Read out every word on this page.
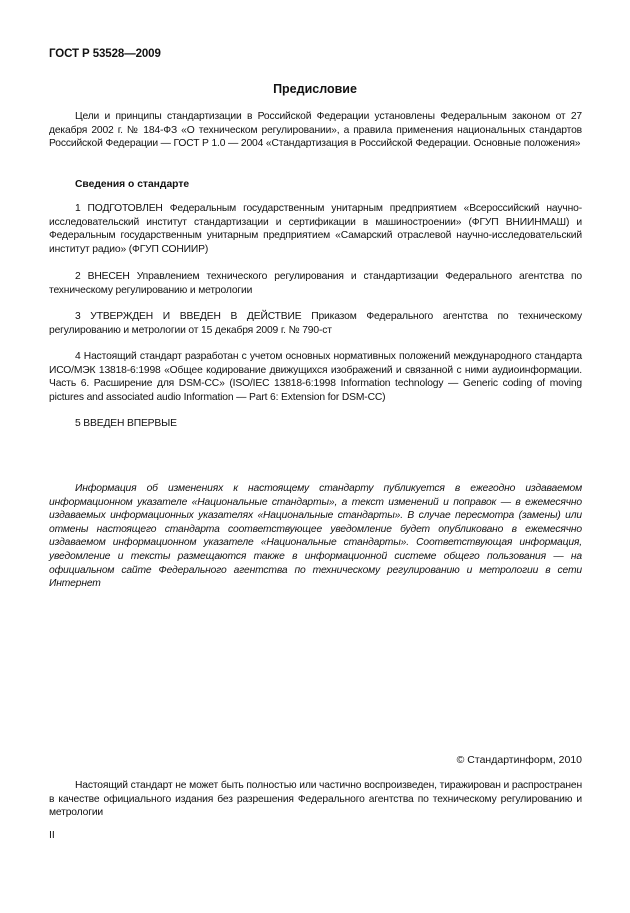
ГОСТ Р 53528—2009
Предисловие
Цели и принципы стандартизации в Российской Федерации установлены Федеральным законом от 27 декабря 2002 г. № 184-ФЗ «О техническом регулировании», а правила применения национальных стандартов Российской Федерации — ГОСТ Р 1.0 — 2004 «Стандартизация в Российской Федерации. Основные положения»
Сведения о стандарте
1 ПОДГОТОВЛЕН Федеральным государственным унитарным предприятием «Всероссийский научно-исследовательский институт стандартизации и сертификации в машиностроении» (ФГУП ВНИИНМАШ) и Федеральным государственным унитарным предприятием «Самарский отраслевой научно-исследовательский институт радио» (ФГУП СОНИИР)
2 ВНЕСЕН Управлением технического регулирования и стандартизации Федерального агентства по техническому регулированию и метрологии
3 УТВЕРЖДЕН И ВВЕДЕН В ДЕЙСТВИЕ Приказом Федерального агентства по техническому регулированию и метрологии от 15 декабря 2009 г. № 790-ст
4 Настоящий стандарт разработан с учетом основных нормативных положений международного стандарта ИСО/МЭК 13818-6:1998 «Общее кодирование движущихся изображений и связанной с ними аудиоинформации. Часть 6. Расширение для DSM-CC» (ISO/IEC 13818-6:1998 Information technology — Generic coding of moving pictures and associated audio Information — Part 6: Extension for DSM-CC)
5 ВВЕДЕН ВПЕРВЫЕ
Информация об изменениях к настоящему стандарту публикуется в ежегодно издаваемом информационном указателе «Национальные стандарты», а текст изменений и поправок — в ежемесячно издаваемых информационных указателях «Национальные стандарты». В случае пересмотра (замены) или отмены настоящего стандарта соответствующее уведомление будет опубликовано в ежемесячно издаваемом информационном указателе «Национальные стандарты». Соответствующая информация, уведомление и тексты размещаются также в информационной системе общего пользования — на официальном сайте Федерального агентства по техническому регулированию и метрологии в сети Интернет
© Стандартинформ, 2010
Настоящий стандарт не может быть полностью или частично воспроизведен, тиражирован и распространен в качестве официального издания без разрешения Федерального агентства по техническому регулированию и метрологии
II
